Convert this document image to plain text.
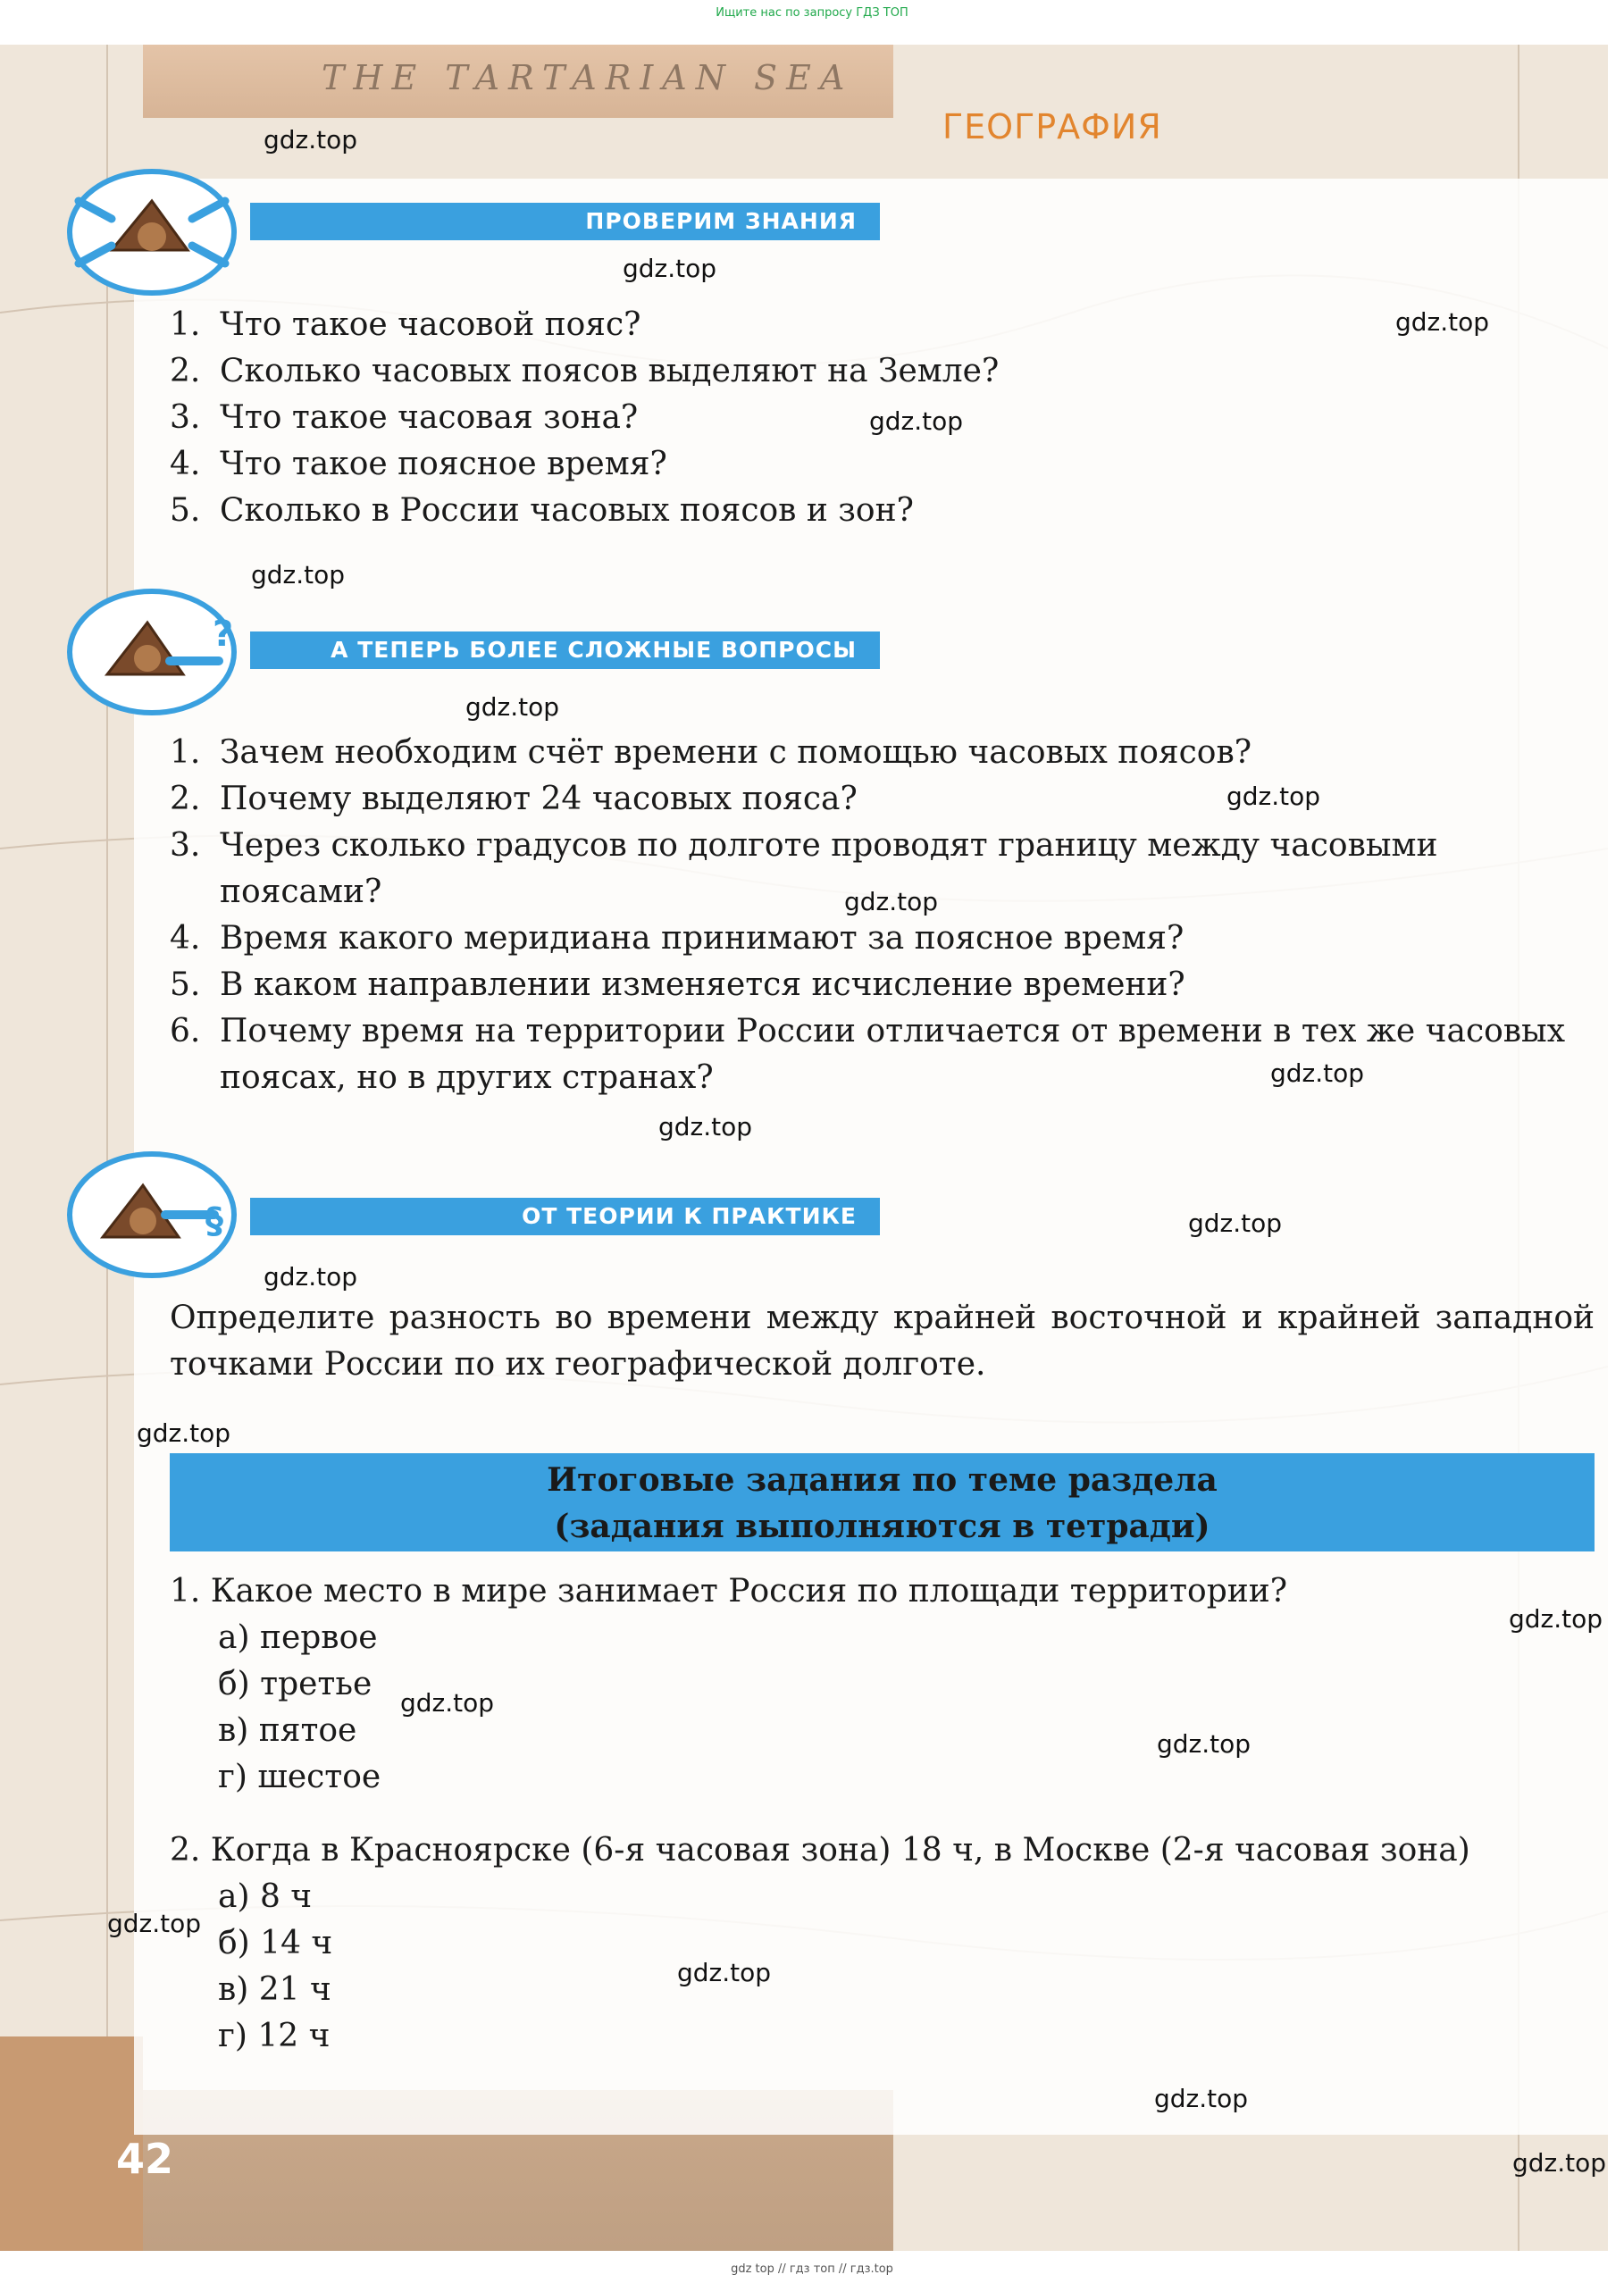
Ищите нас по запросу ГДЗ ТОП
THE TARTARIAN SEA
42
ГЕОГРАФИЯ
ПРОВЕРИМ ЗНАНИЯ
1. Что такое часовой пояс?
2. Сколько часовых поясов выделяют на Земле?
3. Что такое часовая зона?
4. Что такое поясное время?
5. Сколько в России часовых поясов и зон?
?	А ТЕПЕРЬ БОЛЕЕ СЛОЖНЫЕ ВОПРОСЫ
1. Зачем необходим счёт времени с помощью часовых поясов?
2. Почему выделяют 24 часовых пояса?
3. Через сколько градусов по долготе проводят границу между часовыми поясами?
4. Время какого меридиана принимают за поясное время?
5. В каком направлении изменяется исчисление времени?
6. Почему время на территории России отличается от времени в тех же часовых поясах, но в других странах?
§	ОТ ТЕОРИИ К ПРАКТИКЕ

Определите разность во времени между крайней восточной и крайней западной точками России по их географической долготе.

Итоговые задания по теме раздела
(задания выполняются в тетради)
1. Какое место в мире занимает Россия по площади территории?
а) первое
б) третье
в) пятое
г) шестое
2. Когда в Красноярске (6-я часовая зона) 18 ч, в Москве (2-я часовая зона)
а) 8 ч
б) 14 ч
в) 21 ч
г) 12 ч
gdz.top
gdz.top
gdz.top
gdz.top
gdz.top
gdz.top
gdz.top
gdz.top
gdz.top
gdz.top
gdz.top
gdz.top
gdz.top
gdz.top
gdz.top
gdz.top
gdz.top
gdz.top
gdz.top
gdz.top
gdz top // гдз топ // гдз.top
